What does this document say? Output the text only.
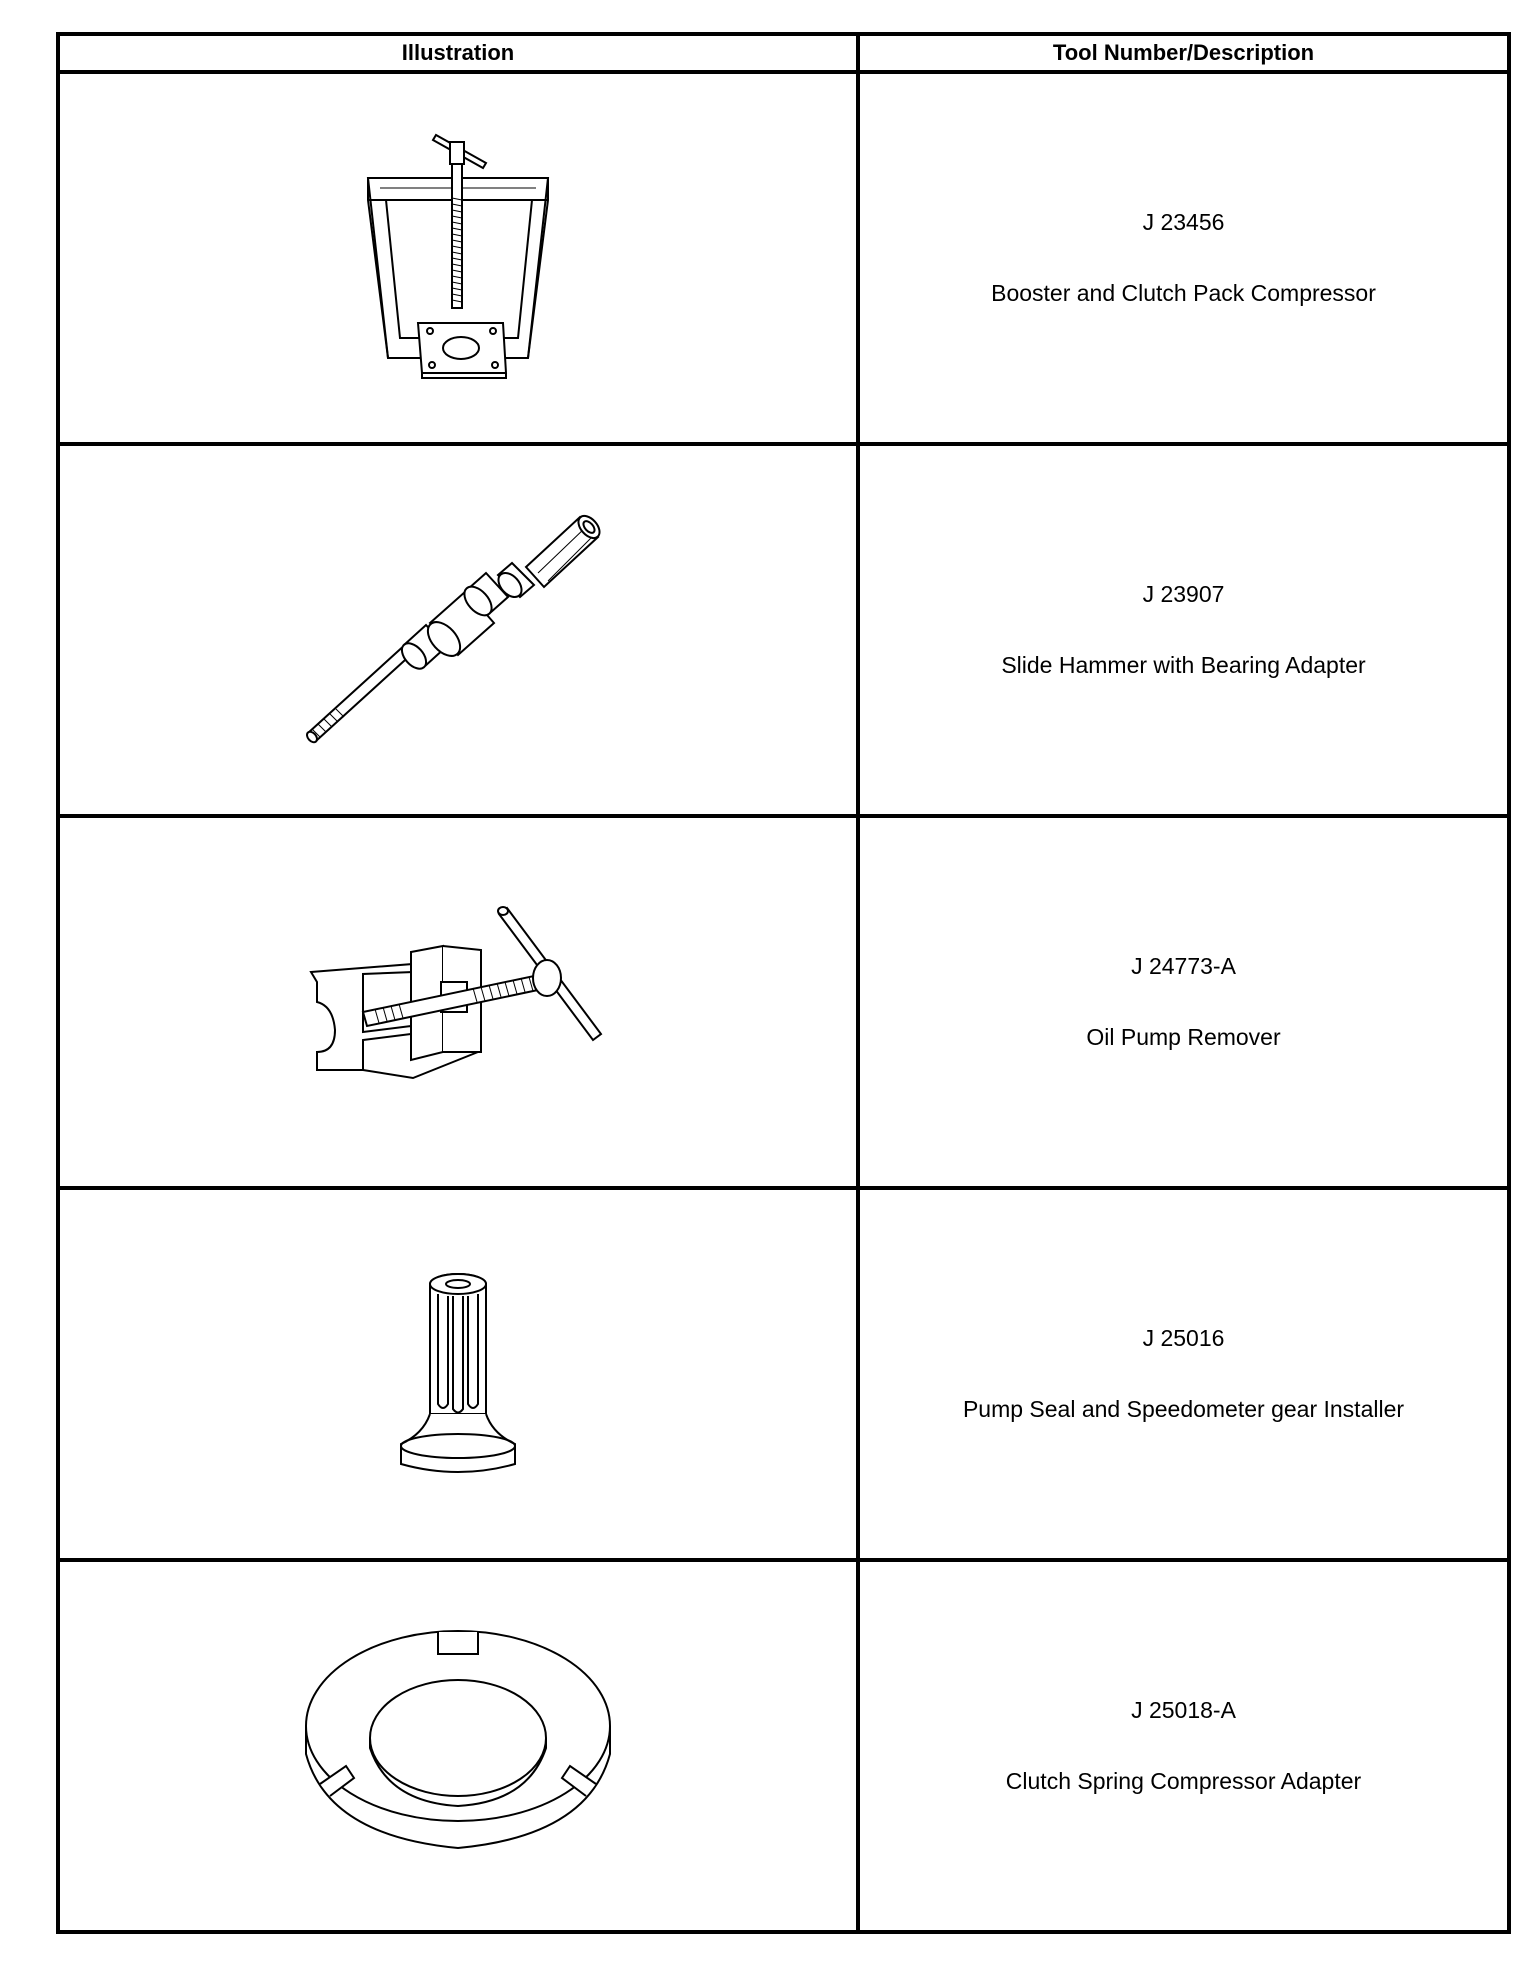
Illustration	Tool Number/Description

J 23456
Booster and Clutch Pack Compressor

J 23907
Slide Hammer with Bearing Adapter

J 24773-A
Oil Pump Remover

J 25016
Pump Seal and Speedometer gear Installer

J 25018-A
Clutch Spring Compressor Adapter
